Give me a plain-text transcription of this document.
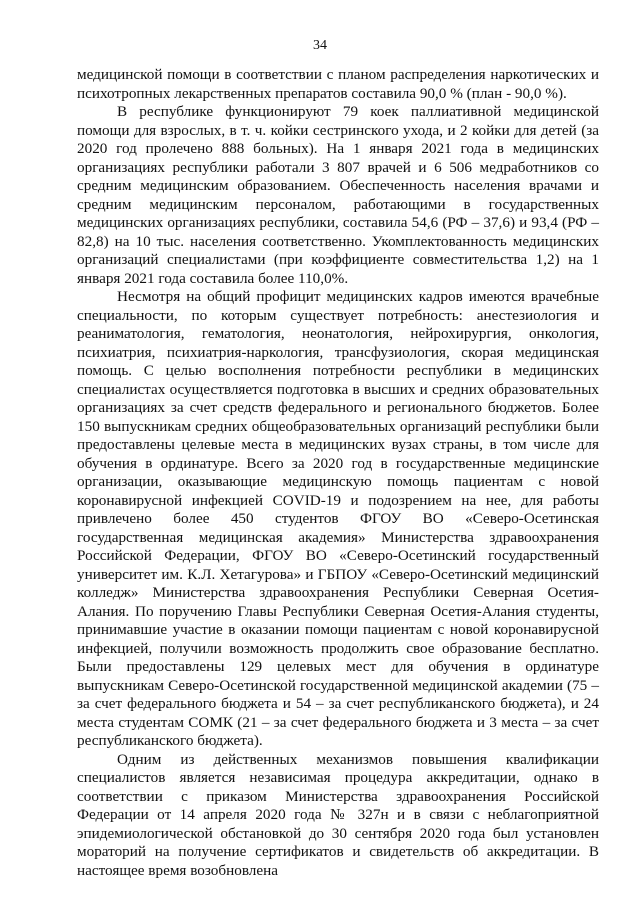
34

медицинской помощи в соответствии с планом распределения наркотических и психотропных лекарственных препаратов составила 90,0 % (план - 90,0 %).

В республике функционируют 79 коек паллиативной медицинской помощи для взрослых, в т. ч. койки сестринского ухода, и 2 койки для детей (за 2020 год пролечено 888 больных). На 1 января 2021 года в медицинских организациях республики работали 3 807 врачей и 6 506 медработников со средним медицинским образованием. Обеспеченность населения врачами и средним медицинским персоналом, работающими в государственных медицинских организациях республики, составила 54,6 (РФ – 37,6) и 93,4 (РФ – 82,8) на 10 тыс. населения соответственно. Укомплектованность медицинских организаций специалистами (при коэффициенте совместительства 1,2) на 1 января 2021 года составила более 110,0%.

Несмотря на общий профицит медицинских кадров имеются врачебные специальности, по которым существует потребность: анестезиология и реаниматология, гематология, неонатология, нейрохирургия, онкология, психиатрия, психиатрия-наркология, трансфузиология, скорая медицинская помощь. С целью восполнения потребности республики в медицинских специалистах осуществляется подготовка в высших и средних образовательных организациях за счет средств федерального и регионального бюджетов. Более 150 выпускникам средних общеобразовательных организаций республики были предоставлены целевые места в медицинских вузах страны, в том числе для обучения в ординатуре. Всего за 2020 год в государственные медицинские организации, оказывающие медицинскую помощь пациентам с новой коронавирусной инфекцией COVID-19 и подозрением на нее, для работы привлечено более 450 студентов ФГОУ ВО «Северо-Осетинская государственная медицинская академия» Министерства здравоохранения Российской Федерации, ФГОУ ВО «Северо-Осетинский государственный университет им. К.Л. Хетагурова» и ГБПОУ «Северо-Осетинский медицинский колледж» Министерства здравоохранения Республики Северная Осетия-Алания. По поручению Главы Республики Северная Осетия-Алания студенты, принимавшие участие в оказании помощи пациентам с новой коронавирусной инфекцией, получили возможность продолжить свое образование бесплатно. Были предоставлены 129 целевых мест для обучения в ординатуре выпускникам Северо-Осетинской государственной медицинской академии (75 – за счет федерального бюджета и 54 – за счет республиканского бюджета), и 24 места студентам СОМК (21 – за счет федерального бюджета и 3 места – за счет республиканского бюджета).

Одним из действенных механизмов повышения квалификации специалистов является независимая процедура аккредитации, однако в соответствии с приказом Министерства здравоохранения Российской Федерации от 14 апреля 2020 года № 327н и в связи с неблагоприятной эпидемиологической обстановкой до 30 сентября 2020 года был установлен мораторий на получение сертификатов и свидетельств об аккредитации. В настоящее время возобновлена
